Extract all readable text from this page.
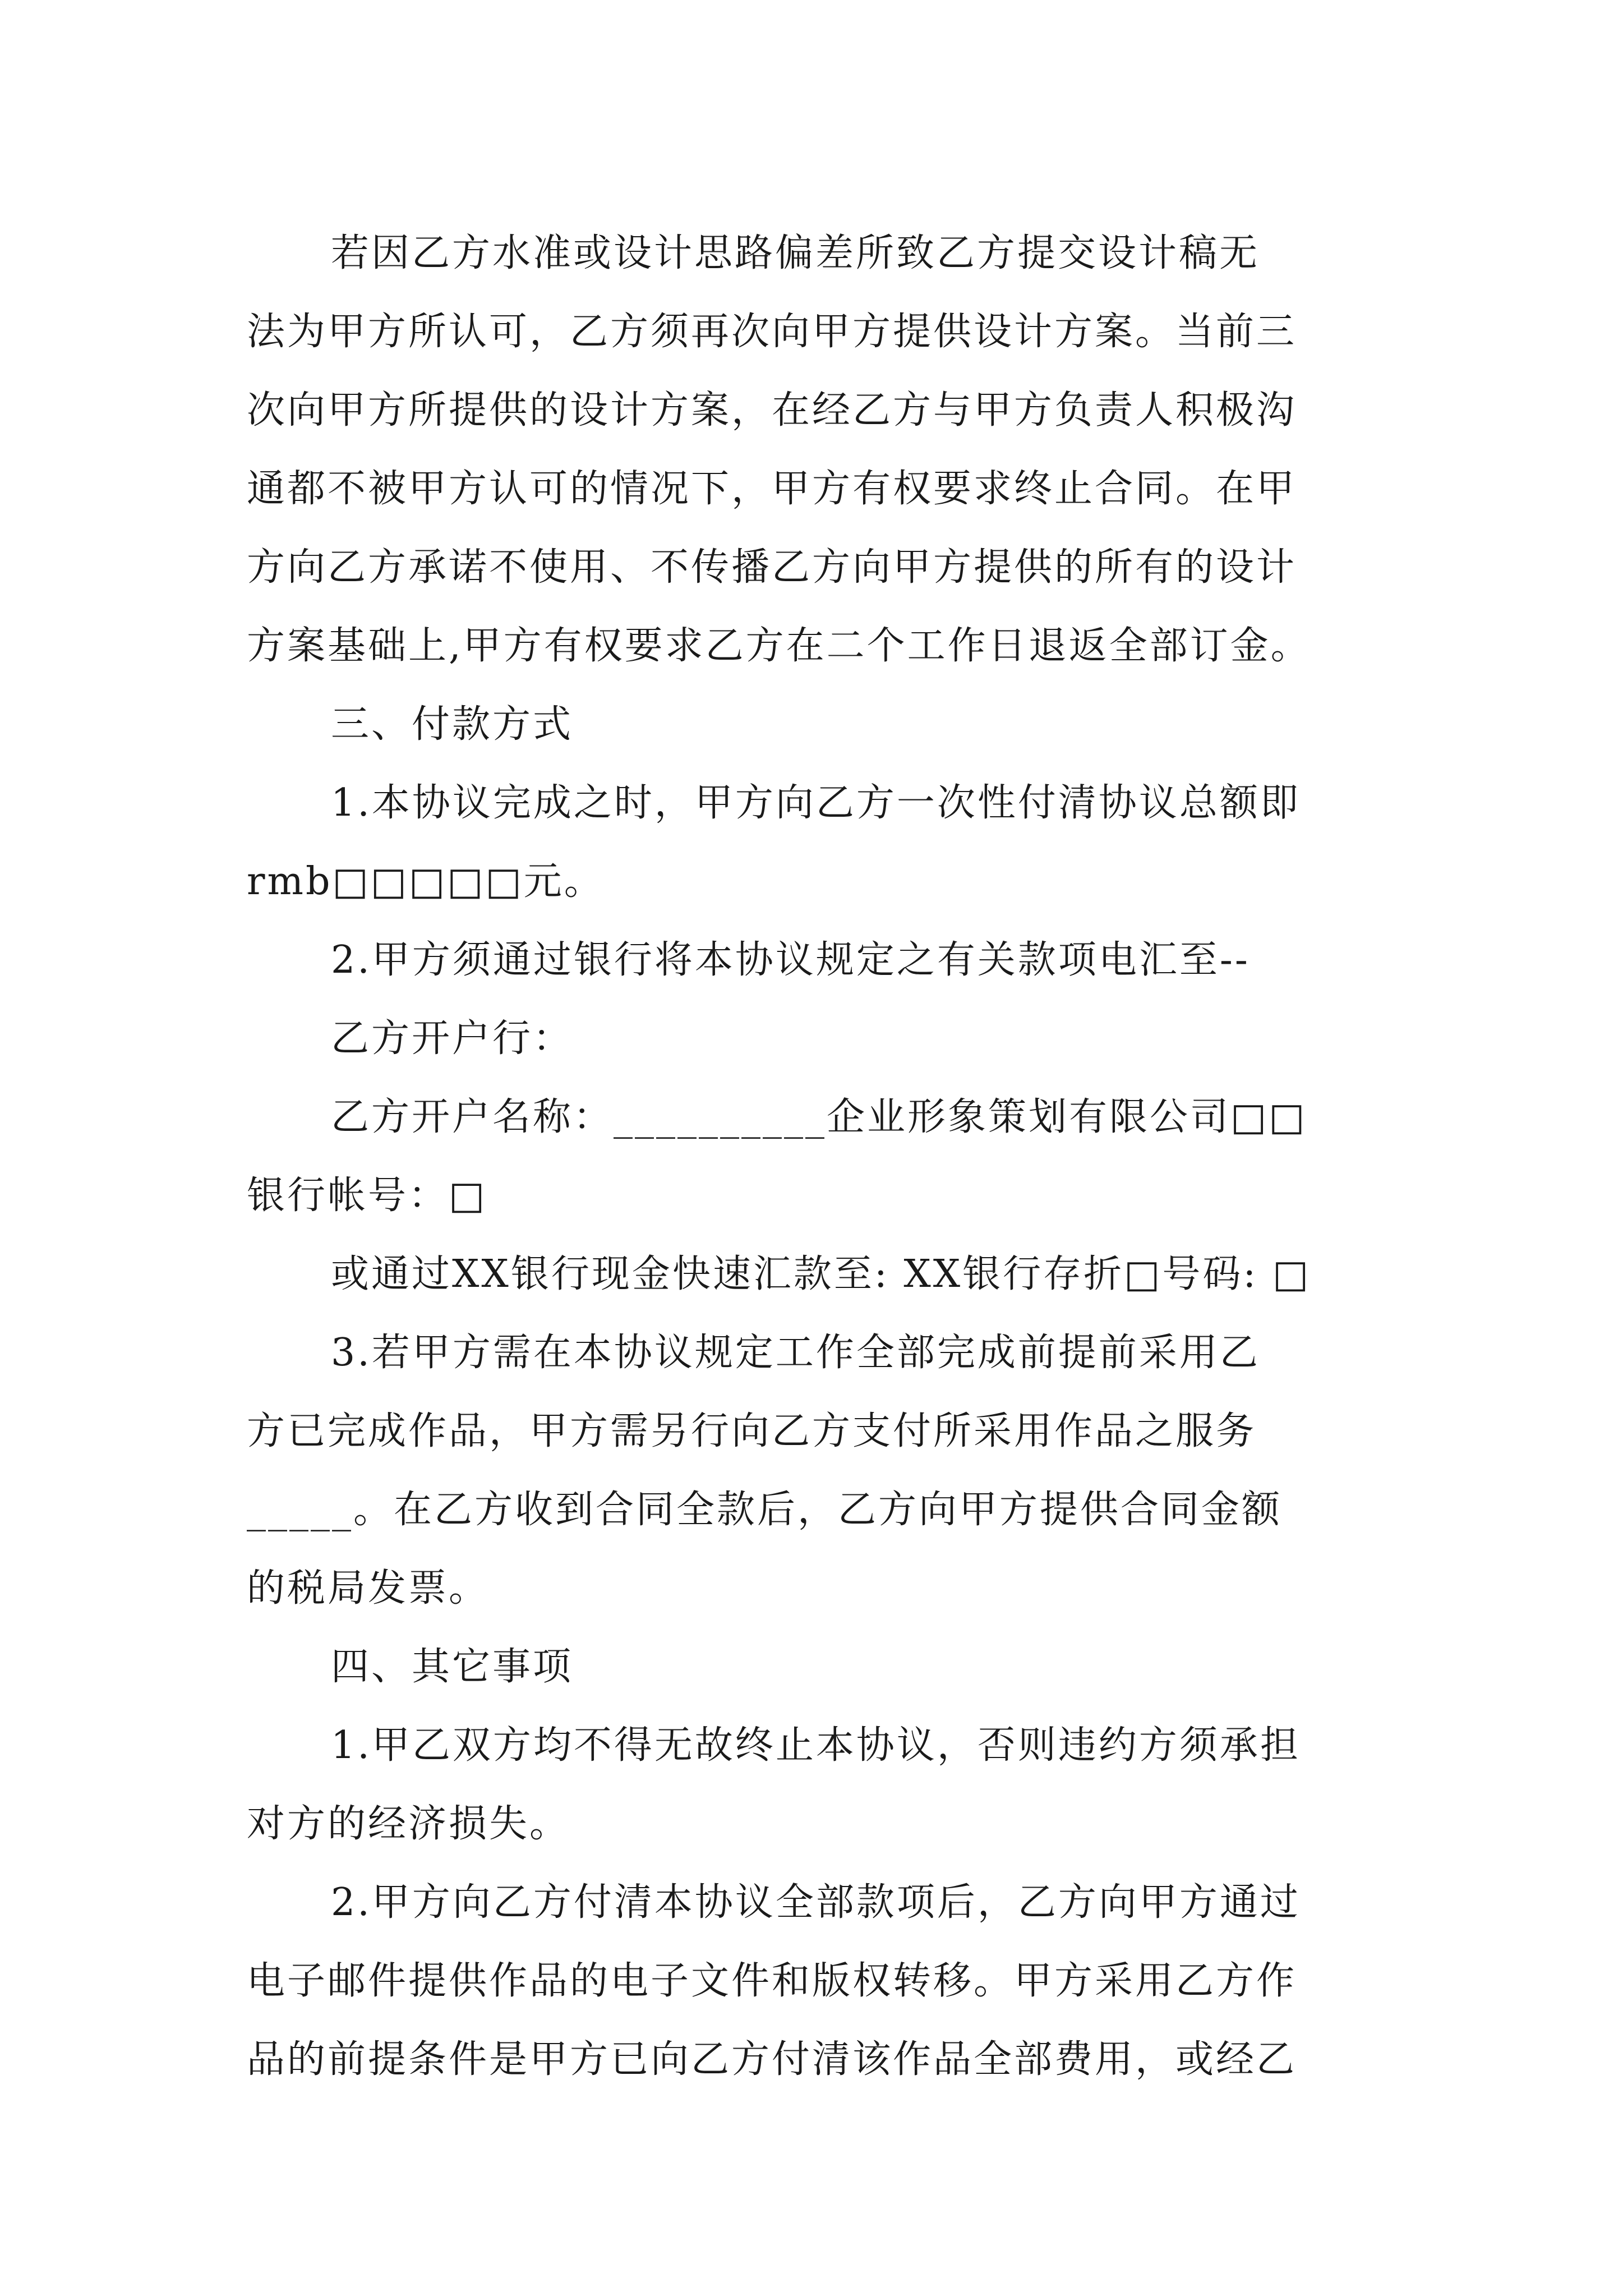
若因乙方水准或设计思路偏差所致乙方提交设计稿无
法为甲方所认可，乙方须再次向甲方提供设计方案。当前三
次向甲方所提供的设计方案，在经乙方与甲方负责人积极沟
通都不被甲方认可的情况下，甲方有权要求终止合同。在甲
方向乙方承诺不使用、不传播乙方向甲方提供的所有的设计
方案基础上,甲方有权要求乙方在二个工作日退返全部订金。
三、付款方式
1.本协议完成之时，甲方向乙方一次性付清协议总额即
rmb□□□□□元。
2.甲方须通过银行将本协议规定之有关款项电汇至--
乙方开户行：
乙方开户名称：__________企业形象策划有限公司□□
银行帐号：□
或通过XX银行现金快速汇款至: XX银行存折□号码: □
3.若甲方需在本协议规定工作全部完成前提前采用乙
方已完成作品，甲方需另行向乙方支付所采用作品之服务
_____。在乙方收到合同全款后，乙方向甲方提供合同金额
的税局发票。
四、其它事项
1.甲乙双方均不得无故终止本协议，否则违约方须承担
对方的经济损失。
2.甲方向乙方付清本协议全部款项后，乙方向甲方通过
电子邮件提供作品的电子文件和版权转移。甲方采用乙方作
品的前提条件是甲方已向乙方付清该作品全部费用，或经乙
